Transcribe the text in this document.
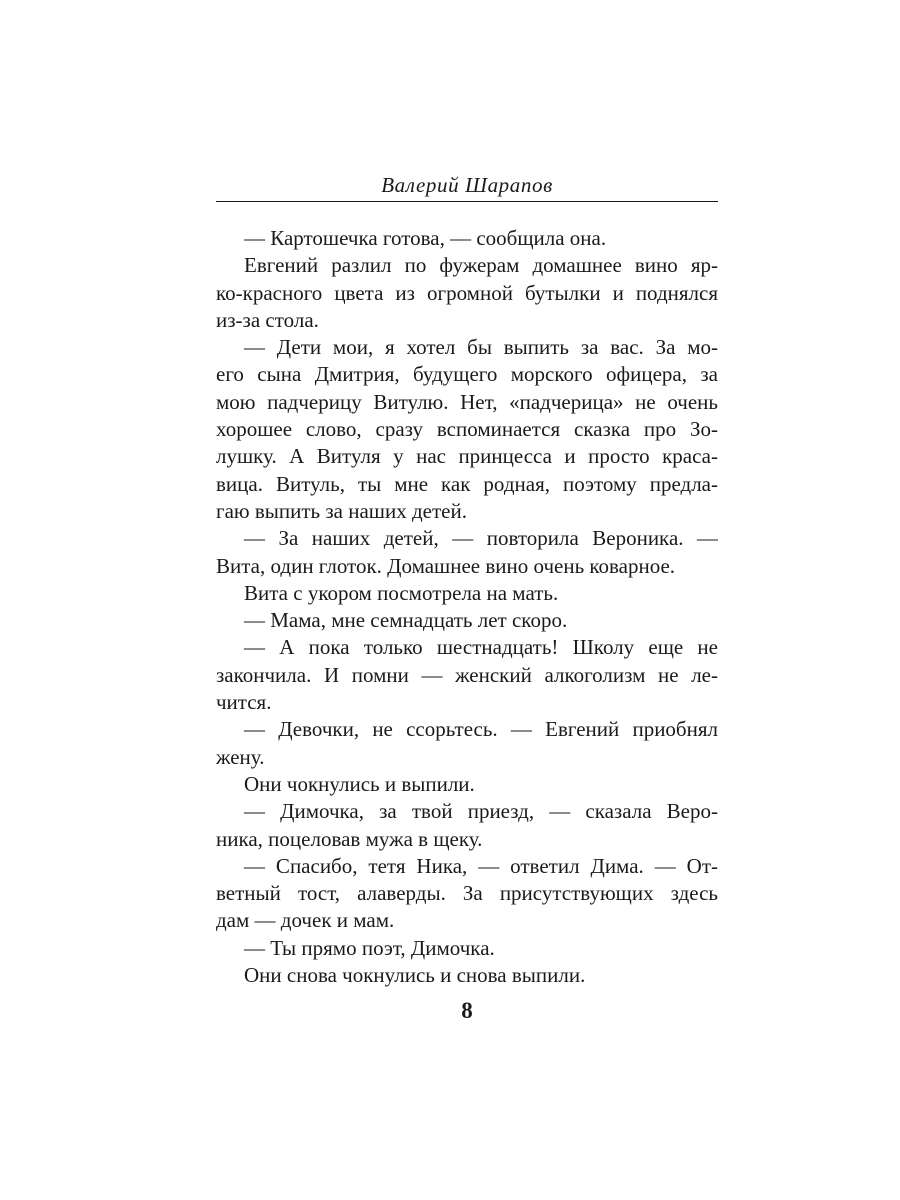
Валерий Шарапов
— Картошечка готова, — сообщила она.
Евгений разлил по фужерам домашнее вино яр-
ко-красного цвета из огромной бутылки и поднялся
из-за стола.
— Дети мои, я хотел бы выпить за вас. За мо-
его сына Дмитрия, будущего морского офицера, за
мою падчерицу Витулю. Нет, «падчерица» не очень
хорошее слово, сразу вспоминается сказка про Зо-
лушку. А Витуля у нас принцесса и просто краса-
вица. Витуль, ты мне как родная, поэтому предла-
гаю выпить за наших детей.
— За наших детей, — повторила Вероника. —
Вита, один глоток. Домашнее вино очень коварное.
Вита с укором посмотрела на мать.
— Мама, мне семнадцать лет скоро.
— А пока только шестнадцать! Школу еще не
закончила. И помни — женский алкоголизм не ле-
чится.
— Девочки, не ссорьтесь. — Евгений приобнял
жену.
Они чокнулись и выпили.
— Димочка, за твой приезд, — сказала Веро-
ника, поцеловав мужа в щеку.
— Спасибо, тетя Ника, — ответил Дима. — От-
ветный тост, алаверды. За присутствующих здесь
дам — дочек и мам.
— Ты прямо поэт, Димочка.
Они снова чокнулись и снова выпили.
8
